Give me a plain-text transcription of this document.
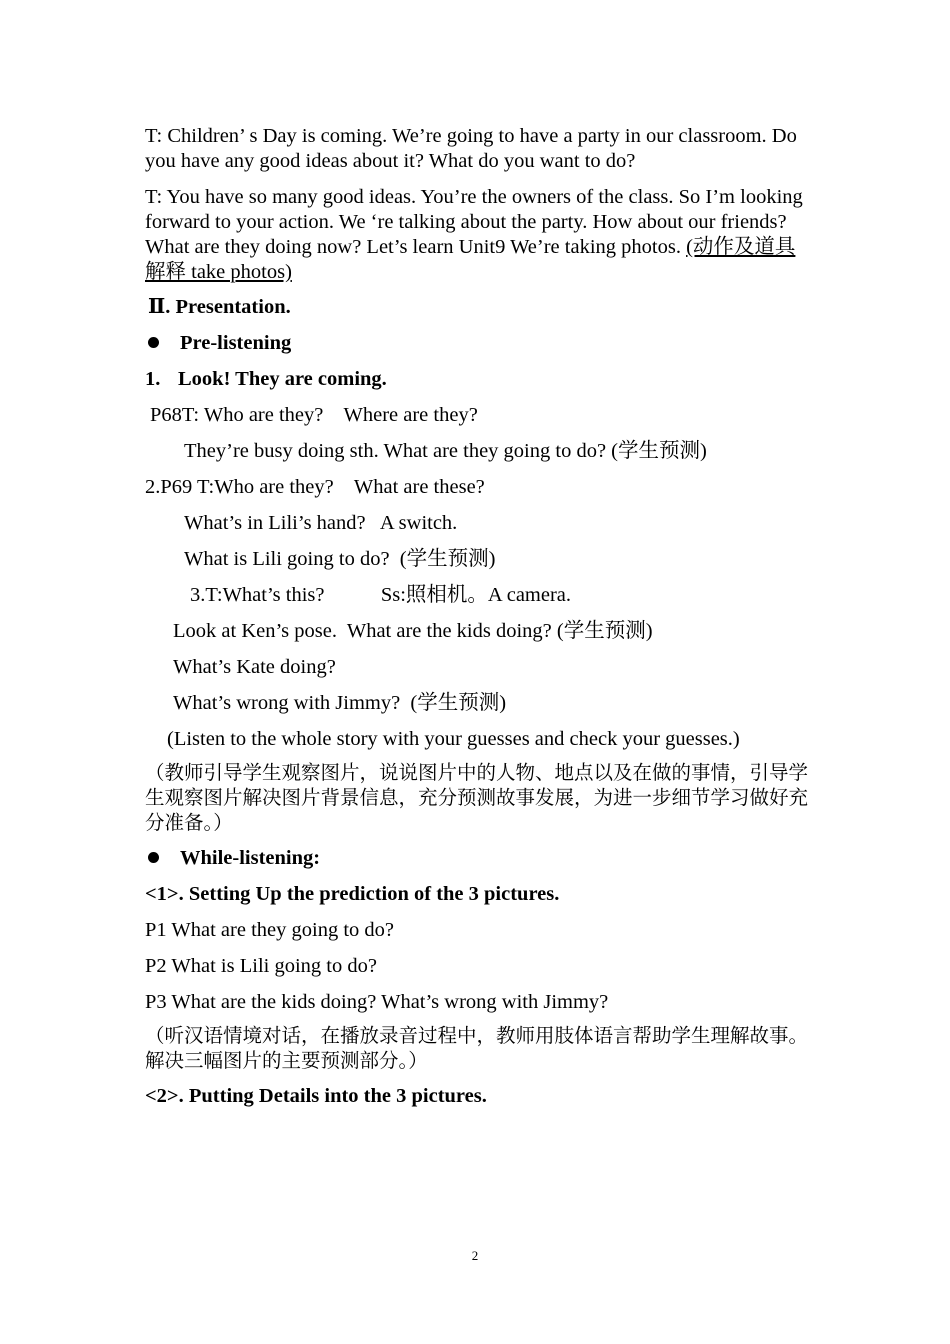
T: Children’ s Day is coming. We’re going to have a party in our classroom. Do you have any good ideas about it? What do you want to do?

T: You have so many good ideas. You’re the owners of the class. So I’m looking forward to your action. We ‘re talking about the party. How about our friends? What are they doing now? Let’s learn Unit9 We’re taking photos. (动作及道具解释 take photos)

Ⅱ. Presentation.

Pre-listening

1. Look! They are coming.

P68T: Who are they?    Where are they?

They’re busy doing sth. What are they going to do? (学生预测)

2.P69 T:Who are they?    What are these?

What’s in Lili’s hand?   A switch.

What is Lili going to do?  (学生预测)

3.T:What’s this?           Ss:照相机。A camera.

Look at Ken’s pose.  What are the kids doing? (学生预测)

What’s Kate doing?

What’s wrong with Jimmy?  (学生预测)

(Listen to the whole story with your guesses and check your guesses.)

（教师引导学生观察图片，说说图片中的人物、地点以及在做的事情，引导学生观察图片解决图片背景信息，充分预测故事发展，为进一步细节学习做好充分准备。）

While-listening:

<1>. Setting Up the prediction of the 3 pictures.

P1 What are they going to do?

P2 What is Lili going to do?

P3 What are the kids doing? What’s wrong with Jimmy?

（听汉语情境对话，在播放录音过程中，教师用肢体语言帮助学生理解故事。解决三幅图片的主要预测部分。）

<2>. Putting Details into the 3 pictures.

2
